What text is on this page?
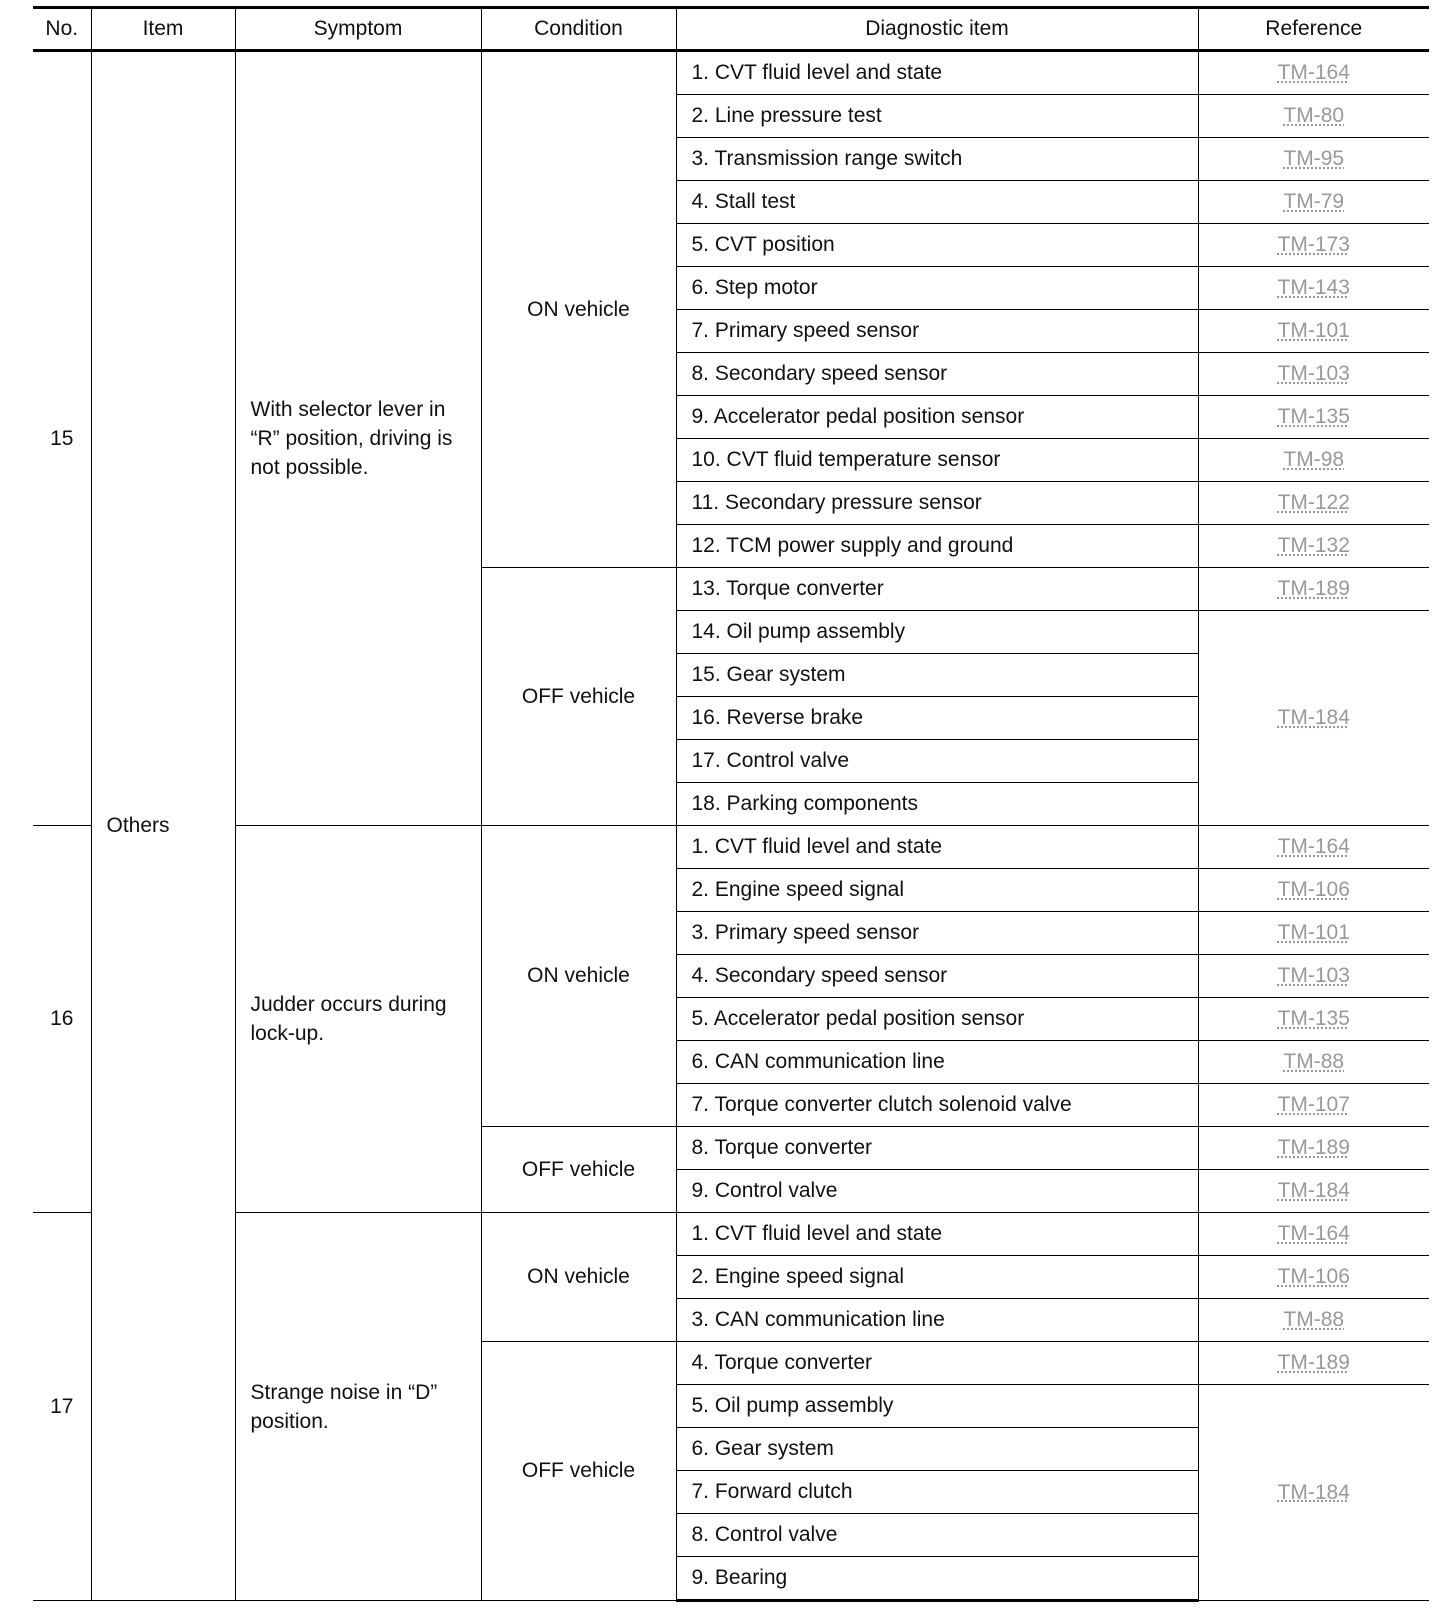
No.	Item	Symptom	Condition	Diagnostic item	Reference
15	Others	With selector lever in “R” position, driving is not possible.	ON vehicle	1. CVT fluid level and state	TM-164
				2. Line pressure test	TM-80
				3. Transmission range switch	TM-95
				4. Stall test	TM-79
				5. CVT position	TM-173
				6. Step motor	TM-143
				7. Primary speed sensor	TM-101
				8. Secondary speed sensor	TM-103
				9. Accelerator pedal position sensor	TM-135
				10. CVT fluid temperature sensor	TM-98
				11. Secondary pressure sensor	TM-122
				12. TCM power supply and ground	TM-132
			OFF vehicle	13. Torque converter	TM-189
				14. Oil pump assembly	TM-184
				15. Gear system	
				16. Reverse brake	
				17. Control valve	
				18. Parking components	
16		Judder occurs during lock-up.	ON vehicle	1. CVT fluid level and state	TM-164
				2. Engine speed signal	TM-106
				3. Primary speed sensor	TM-101
				4. Secondary speed sensor	TM-103
				5. Accelerator pedal position sensor	TM-135
				6. CAN communication line	TM-88
				7. Torque converter clutch solenoid valve	TM-107
			OFF vehicle	8. Torque converter	TM-189
				9. Control valve	TM-184
17		Strange noise in “D” position.	ON vehicle	1. CVT fluid level and state	TM-164
				2. Engine speed signal	TM-106
				3. CAN communication line	TM-88
			OFF vehicle	4. Torque converter	TM-189
				5. Oil pump assembly	TM-184
				6. Gear system	
				7. Forward clutch	
				8. Control valve	
				9. Bearing	
